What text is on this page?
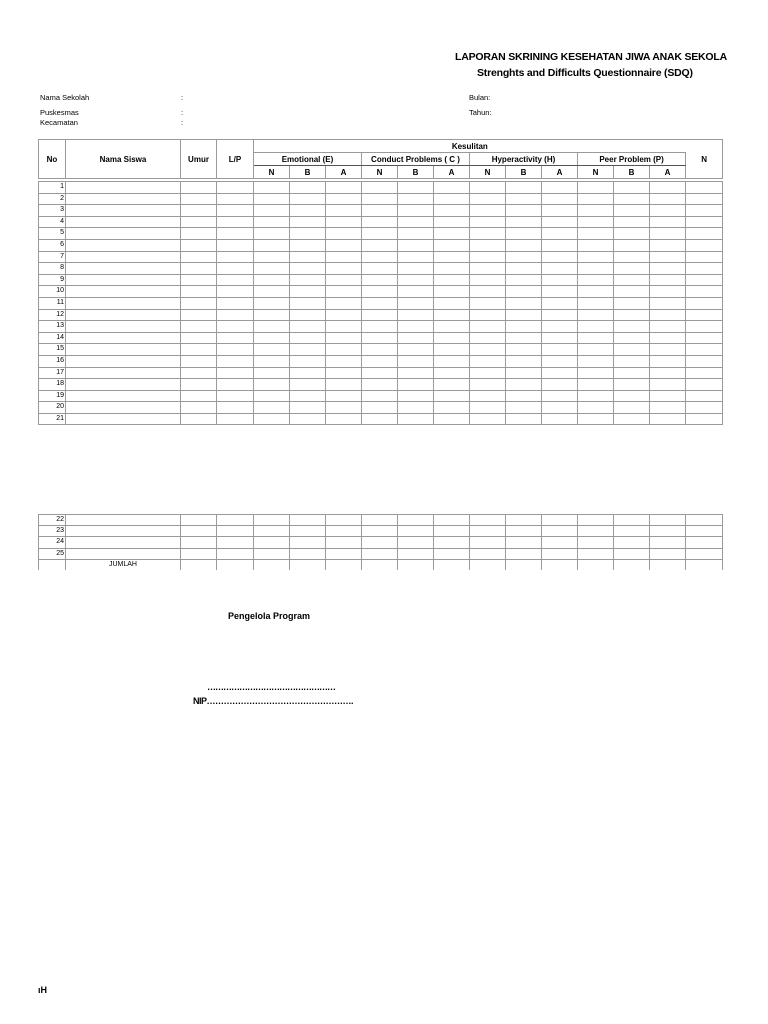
LAPORAN SKRINING KESEHATAN JIWA ANAK SEKOLA
Strenghts and Difficults Questionnaire (SDQ)
Nama Sekolah	:
Puskesmas	:
Kecamatan	:
Bulan:
Tahun:
No	Nama Siswa	Umur	L/P	Kesulitan												N
				Emotional (E)			Conduct Problems ( C )			Hyperactivity (H)			Peer Problem (P)			
				N	B	A	N	B	A	N	B	A	N	B	A	
1																
2																
3																
4																
5																
6																
7																
8																
9																
10																
11																
12																
13																
14																
15																
16																
17																
18																
19																
20																
21																
22																
23																
24																
25																
	JUMLAH															
Pengelola Program
…………………………………………
NIP…………………………………………….
ιH
